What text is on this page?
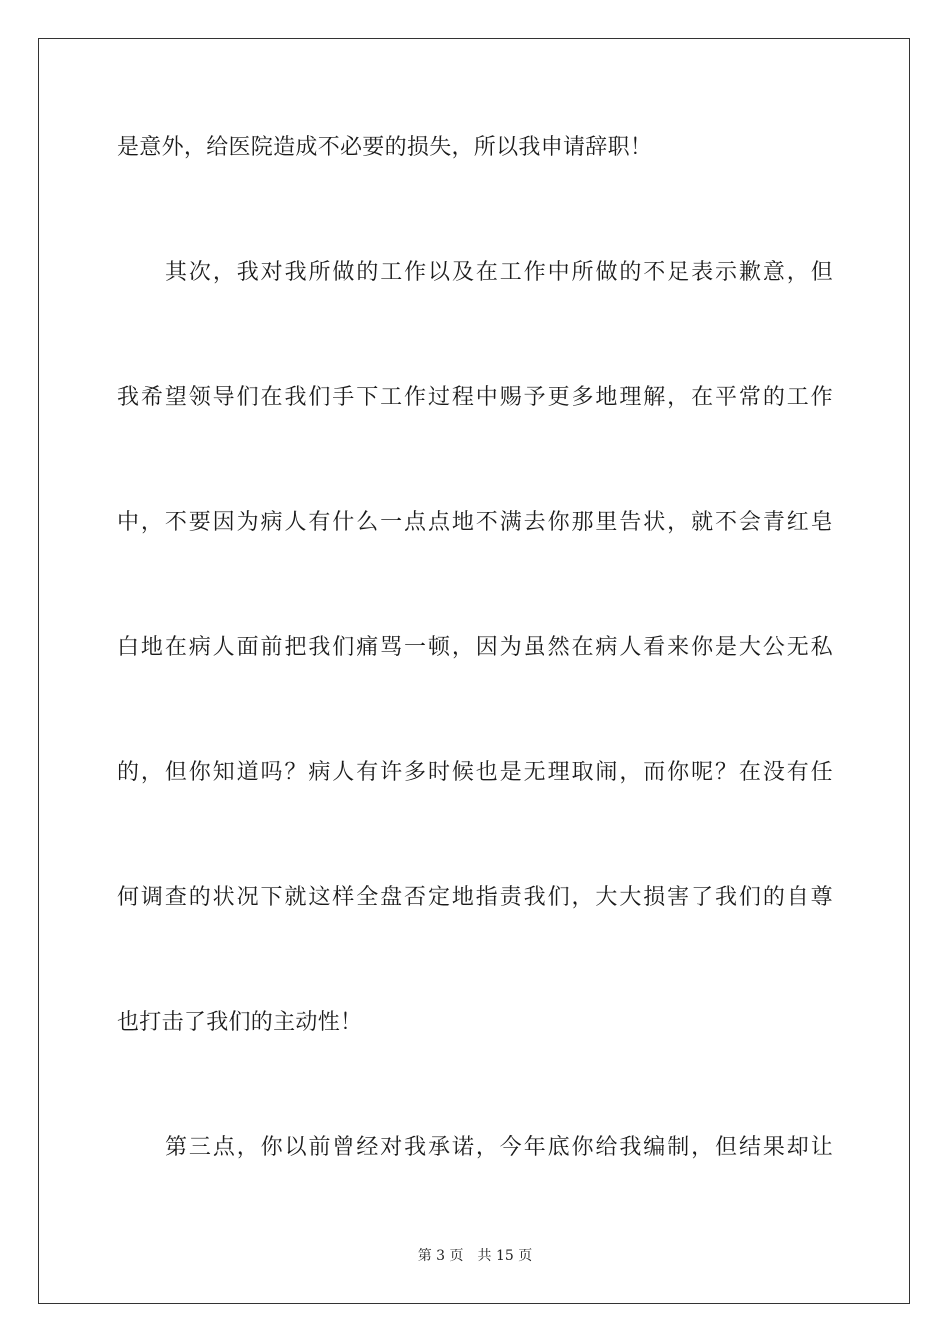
是意外，给医院造成不必要的损失，所以我申请辞职！
其次，我对我所做的工作以及在工作中所做的不足表示歉意，但
我希望领导们在我们手下工作过程中赐予更多地理解，在平常的工作
中，不要因为病人有什么一点点地不满去你那里告状，就不会青红皂
白地在病人面前把我们痛骂一顿，因为虽然在病人看来你是大公无私
的，但你知道吗？病人有许多时候也是无理取闹，而你呢？在没有任
何调查的状况下就这样全盘否定地指责我们，大大损害了我们的自尊
也打击了我们的主动性！
第三点，你以前曾经对我承诺，今年底你给我编制，但结果却让
第 3 页 共 15 页
